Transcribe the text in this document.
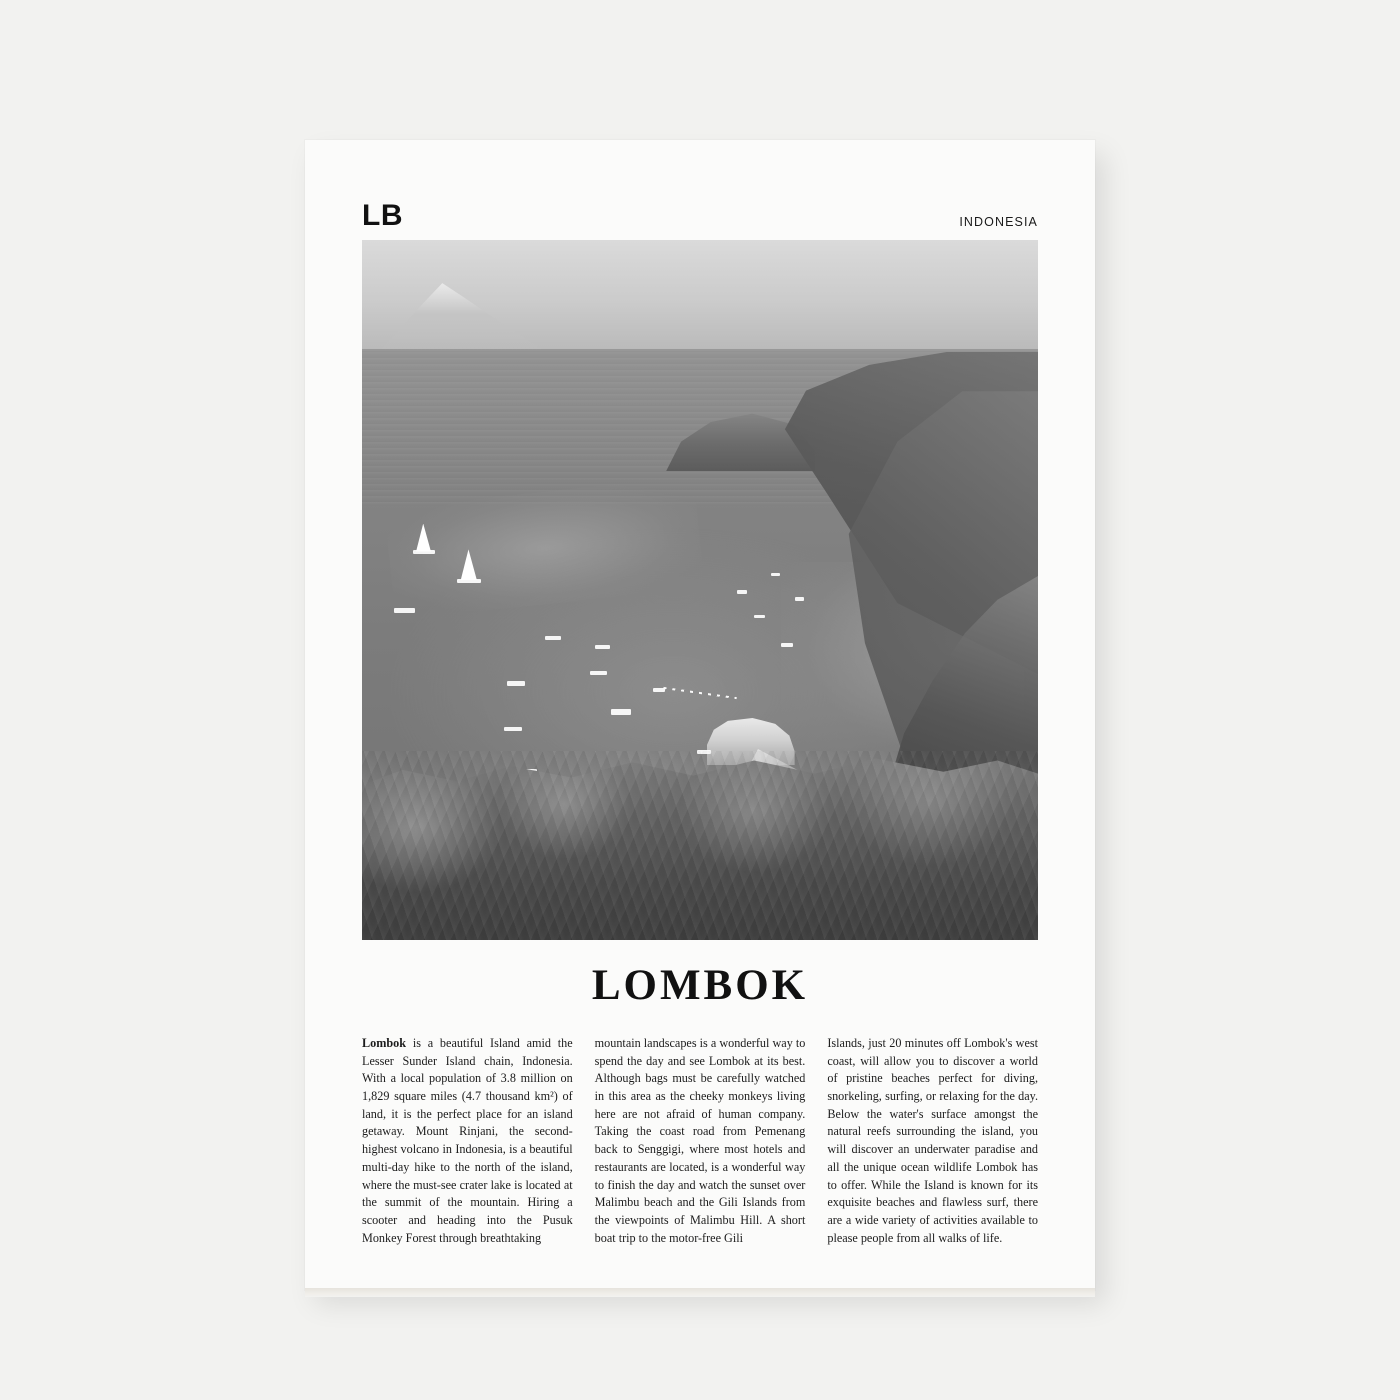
LB	INDONESIA
LOMBOK

Lombok is a beautiful Island amid the Lesser Sunder Island chain, Indonesia. With a local population of 3.8 million on 1,829 square miles (4.7 thousand km²) of land, it is the perfect place for an island getaway. Mount Rinjani, the second-highest volcano in Indonesia, is a beautiful multi-day hike to the north of the island, where the must-see crater lake is located at the summit of the mountain. Hiring a scooter and heading into the Pusuk Monkey Forest through breathtaking

mountain landscapes is a wonderful way to spend the day and see Lombok at its best. Although bags must be carefully watched in this area as the cheeky monkeys living here are not afraid of human company. Taking the coast road from Pemenang back to Senggigi, where most hotels and restaurants are located, is a wonderful way to finish the day and watch the sunset over Malimbu beach and the Gili Islands from the viewpoints of Malimbu Hill. A short boat trip to the motor-free Gili

Islands, just 20 minutes off Lombok's west coast, will allow you to discover a world of pristine beaches perfect for diving, snorkeling, surfing, or relaxing for the day. Below the water's surface amongst the natural reefs surrounding the island, you will discover an underwater paradise and all the unique ocean wildlife Lombok has to offer. While the Island is known for its exquisite beaches and flawless surf, there are a wide variety of activities available to please people from all walks of life.
